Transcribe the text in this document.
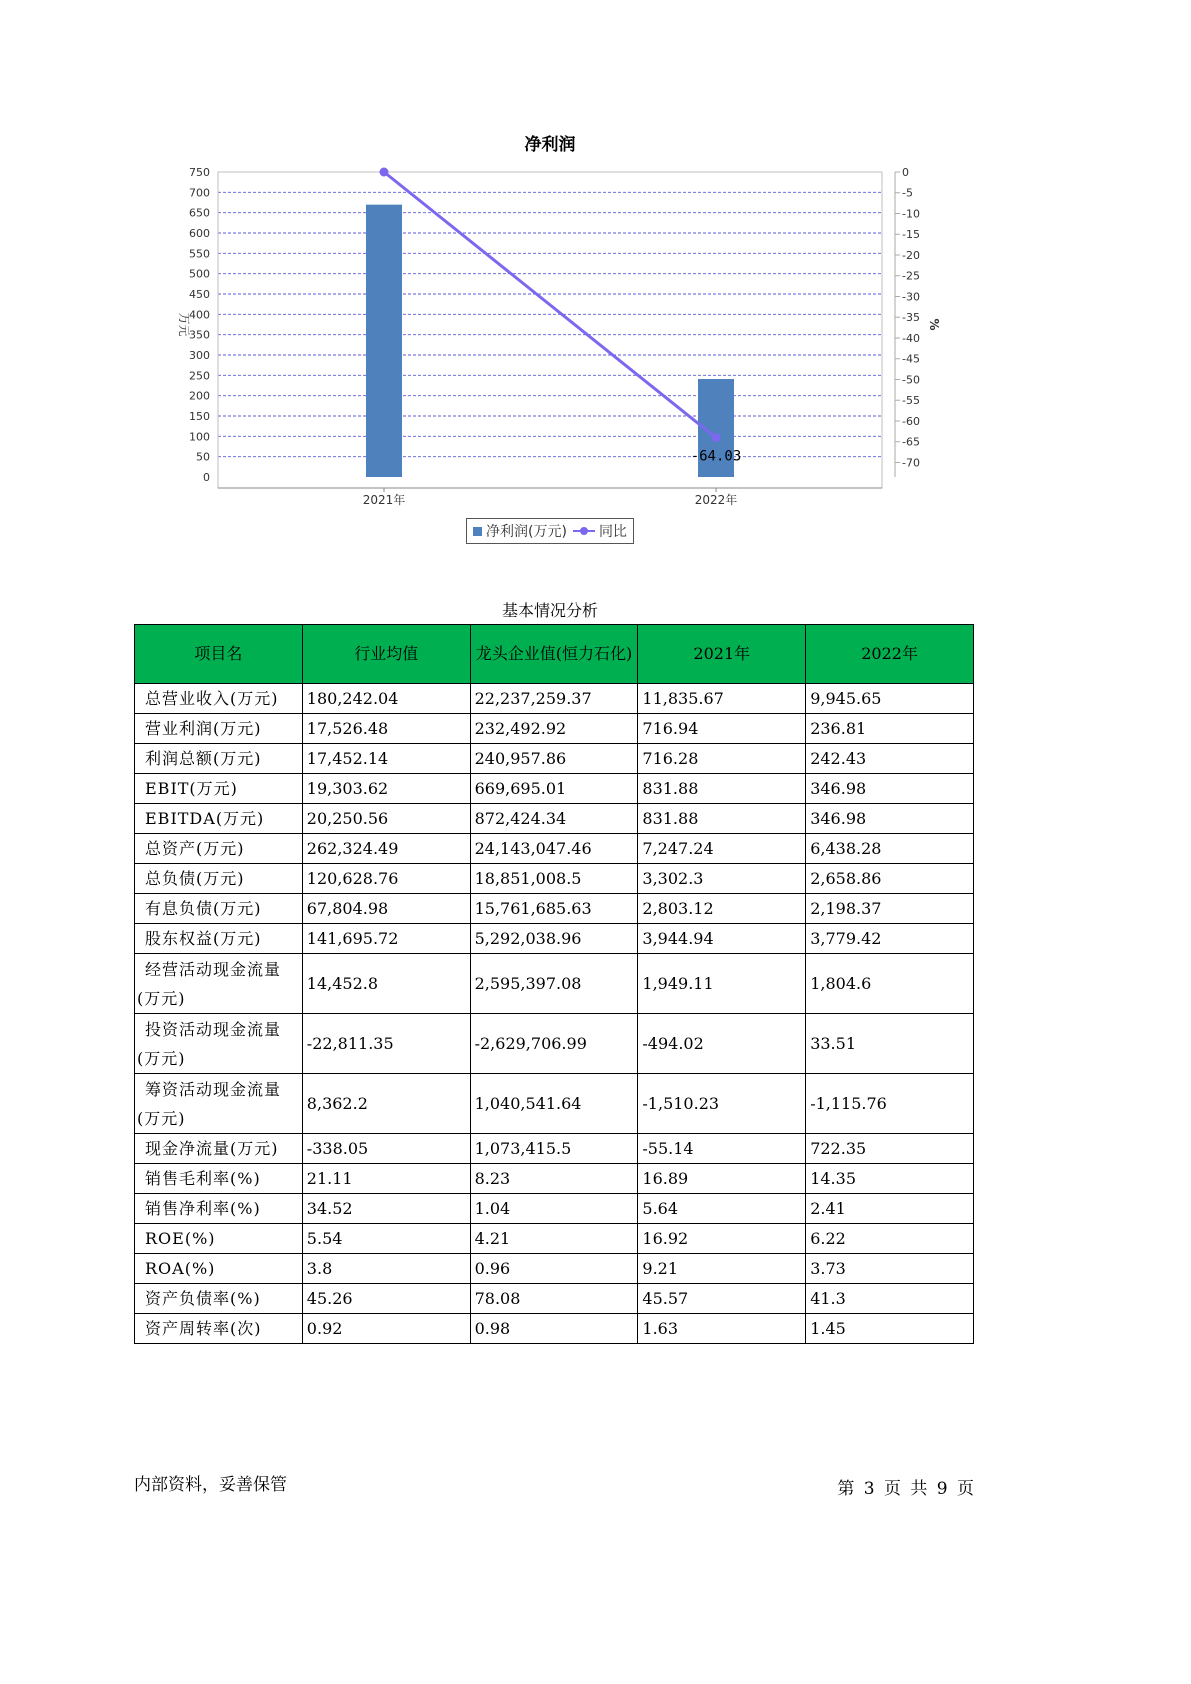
净利润
0
50
100
150
200
250
300
350
400
450
500
550
600
650
700
750	0
-5
-10
-15
-20
-25
-30
-35
-40
-45
-50
-55
-60
-65
-70
万元	%
2021年	2022年
-64.03
净利润(万元) 同比
基本情况分析
项目名	行业均值	龙头企业值(恒力石化)	2021年	2022年
总营业收入(万元)	180,242.04	22,237,259.37	11,835.67	9,945.65
营业利润(万元)	17,526.48	232,492.92	716.94	236.81
利润总额(万元)	17,452.14	240,957.86	716.28	242.43
EBIT(万元)	19,303.62	669,695.01	831.88	346.98
EBITDA(万元)	20,250.56	872,424.34	831.88	346.98
总资产(万元)	262,324.49	24,143,047.46	7,247.24	6,438.28
总负债(万元)	120,628.76	18,851,008.5	3,302.3	2,658.86
有息负债(万元)	67,804.98	15,761,685.63	2,803.12	2,198.37
股东权益(万元)	141,695.72	5,292,038.96	3,944.94	3,779.42
经营活动现金流量(万元)	14,452.8	2,595,397.08	1,949.11	1,804.6
投资活动现金流量(万元)	-22,811.35	-2,629,706.99	-494.02	33.51
筹资活动现金流量(万元)	8,362.2	1,040,541.64	-1,510.23	-1,115.76
现金净流量(万元)	-338.05	1,073,415.5	-55.14	722.35
销售毛利率(%)	21.11	8.23	16.89	14.35
销售净利率(%)	34.52	1.04	5.64	2.41
ROE(%)	5.54	4.21	16.92	6.22
ROA(%)	3.8	0.96	9.21	3.73
资产负债率(%)	45.26	78.08	45.57	41.3
资产周转率(次)	0.92	0.98	1.63	1.45
内部资料，妥善保管	第 3 页 共 9 页
